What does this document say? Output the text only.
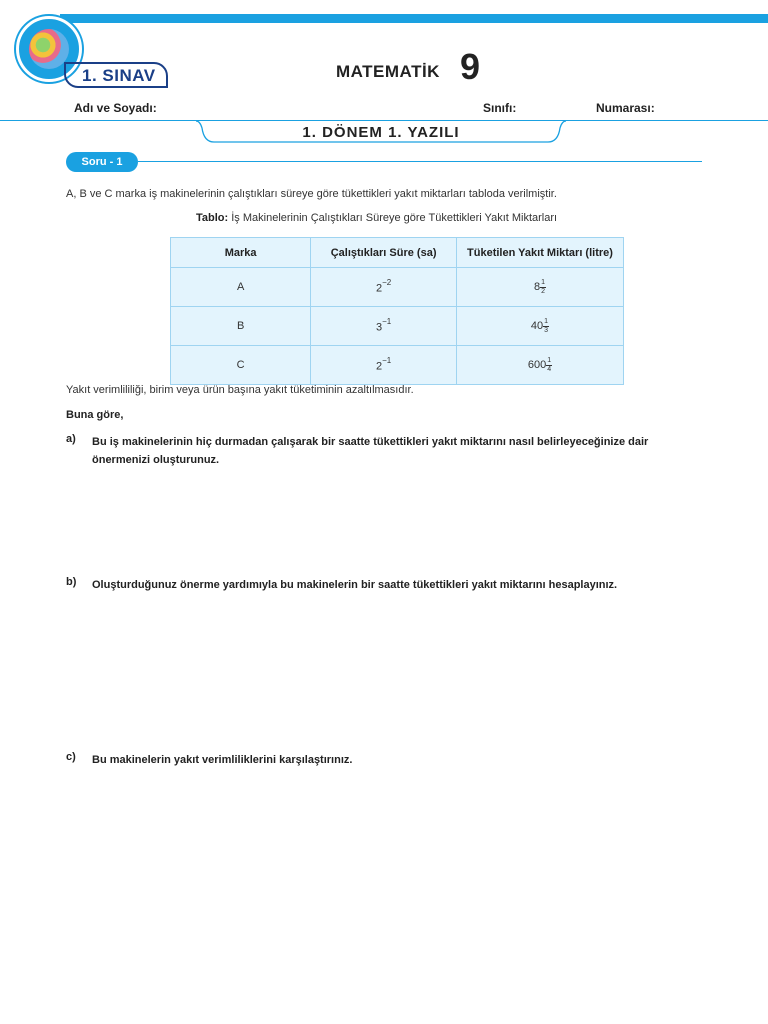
1. SINAV	MATEMATİK 9
Adı ve Soyadı:	Sınıfı:	Numarası:
1. DÖNEM 1. YAZILI
Soru - 1
A, B ve C marka iş makinelerinin çalıştıkları süreye göre tükettikleri yakıt miktarları tabloda verilmiştir.
Tablo: İş Makinelerinin Çalıştıkları Süreye göre Tükettikleri Yakıt Miktarları
Marka	Çalıştıkları Süre (sa)	Tüketilen Yakıt Miktarı (litre)
A	$2^{-2}$	$8 \frac{1}{2}$

B	$3^{-1}$	$40 \frac{1}{3}$

C	$2^{-1}$	$600 \frac{1}{4}$
Yakıt verimlililiği, birim veya ürün başına yakıt tüketiminin azaltılmasıdır.
Buna göre,
a) Bu iş makinelerinin hiç durmadan çalışarak bir saatte tükettikleri yakıt miktarını nasıl belirleyeceğinize dair önermenizi oluşturunuz.
b) Oluşturduğunuz önerme yardımıyla bu makinelerin bir saatte tükettikleri yakıt miktarını hesaplayınız.
c) Bu makinelerin yakıt verimliliklerini karşılaştırınız.
